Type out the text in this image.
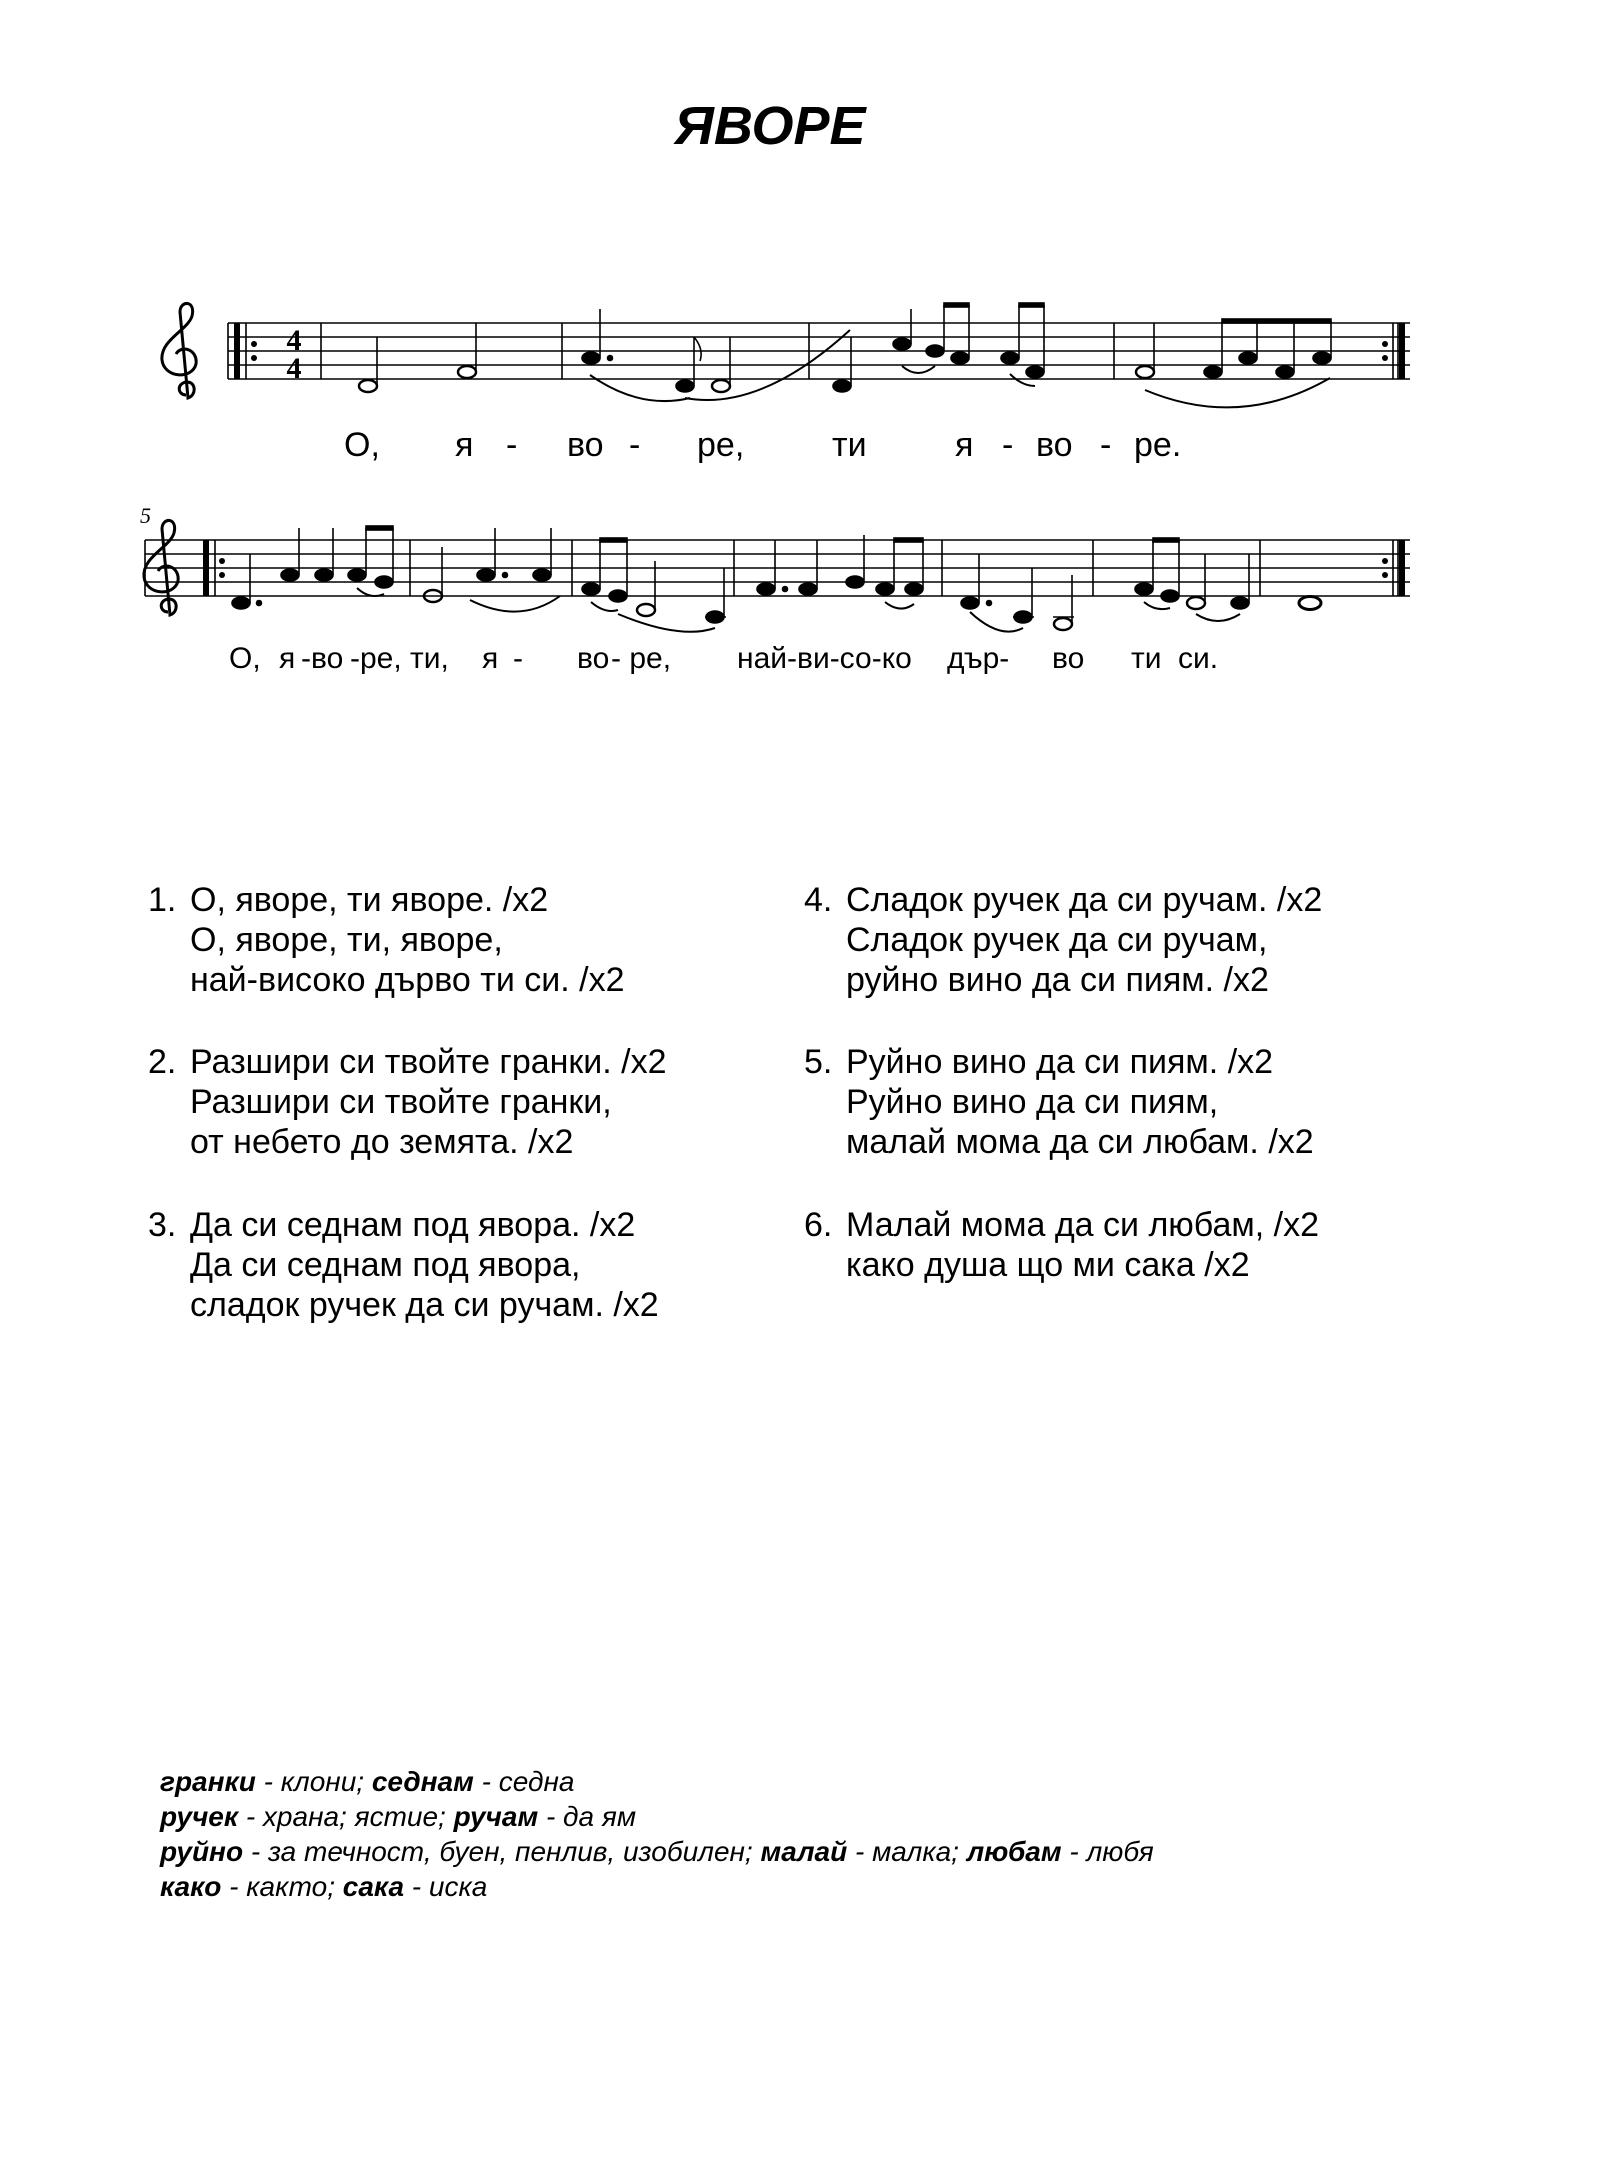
ЯВОРЕ
4
4
5
О, я - во - ре,	ти	я - во - ре.
О, я -во -ре, ти, я - во - ре, най-ви-со-ко дър- во ти си.
1. О, яворе, ти яворе. /x2
О, яворе, ти, яворе,
най-високо дърво ти си. /x2
2. Разшири си твойте гранки. /x2
Разшири си твойте гранки,
от небето до земята. /x2
3. Да си седнам под явора. /x2
Да си седнам под явора,
сладок ручек да си ручам. /x2
4. Сладок ручек да си ручам. /x2
Сладок ручек да си ручам,
руйно вино да си пиям. /x2
5. Руйно вино да си пиям. /x2
Руйно вино да си пиям,
малай мома да си любам. /x2
6. Малай мома да си любам, /x2
како душа що ми сака /x2
гранки - клони; седнам - седна
ручек - храна; ястие; ручам - да ям
руйно - за течност, буен, пенлив, изобилен; малай - малка; любам - любя
како - както; сака - иска
